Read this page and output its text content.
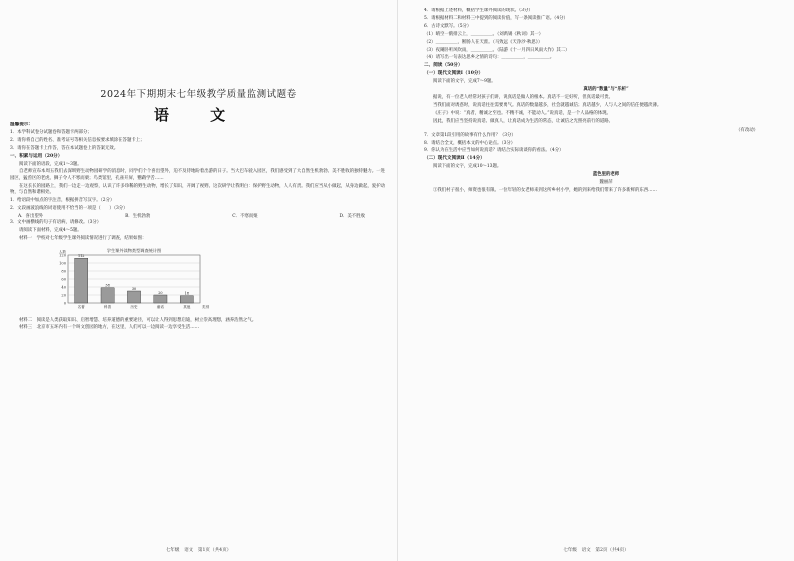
2024年下期期末七年级教学质量监测试题卷
语 文

温馨提示：

1．本学科试卷分试题卷和答题卡两部分；

2．请你将自己的姓名、准考证号等相关信息按要求填涂在答题卡上；

3．请你在答题卡上作答，答在本试题卷上的答案无效。

一、积累与运用（20分）

阅读下面的语段，完成1～3题。

自老师宣布本周五我们去深圳野生动物园研学的消息时，同学们个个喜出望外，迫不及待地盼着出游的日子。当大巴车驶入园区，我们感受到了大自然生机勃勃、美不胜收的独特魅力。一进园区，猛兽区的老虎、狮子令人不寒而栗；鸟类馆里，孔雀开屏，鹦鹉学舌……

在这长长的园路上，我们一边走一边观察，认识了许多珍稀的野生动物，增长了知识，开阔了视野。这次研学让我明白：保护野生动物，人人有责。我们应当从小做起，从身边做起，爱护动物，与自然和谐相处。

1．给语段中加点的字注音，根据拼音写汉字。（2分）

2．文段画波浪线的词语使用不恰当的一项是（　　）（3分）

A．喜出望外	B．生机勃勃	C．不寒而栗	D．美不胜收

3．文中画横线的句子有语病，请修改。（3分）

请阅读下面材料，完成4～5题。

材料一　学校对七年级学生课外阅读情况进行了调查，结果如图：

学生课外读物类型调查统计图
0
20
40
60
80
100
120
人数
112
名著
38
科普
30
历史
20
童话
18
其他	类别

材料二　阅读是人类获取知识、启智增慧、培养道德的重要途径，可以让人得到思想启迪，树立崇高理想，涵养浩然之气。

材料三　北京市五环内有一个叫文创园的地方，在这里，人们可以一边阅读一边享受生活……

七年级　语文　第1页（共4页）

4．请根据上述材料，概括学生课外阅读的现状。（3分）

5．请根据材料二和材料三中提到的阅读价值，写一条阅读推广语。（4分）

6．古诗文默写。（5分）

（1）晴空一鹤排云上，＿＿＿＿＿。（刘禹锡《秋词》其一）

（2）＿＿＿＿＿，断肠人在天涯。（马致远《天净沙·秋思》）

（3）夜阑卧听风吹雨，＿＿＿＿＿。（陆游《十一月四日风雨大作》其二）

（4）请写出一句表达思乡之情的诗句：＿＿＿＿＿，＿＿＿＿＿。

二、阅读（50分）

（一）现代文阅读Ⅰ（10分）

阅读下面的文字，完成7～9题。

真话的“数量”与“乐析”

据说，有一位老人经常对孩子们讲，说真话是做人的根本。真话不一定好听，但真话最可贵。

当我们面对诱惑时，说真话往往需要勇气。真话的数量越多，社会就越诚信；真话越少，人与人之间的信任便越淡薄。

《庄子》中说：“真者，精诚之至也。不精不诚，不能动人。”说真话，是一个人品格的体现。

因此，我们应当坚持说真话、做真人，让真话成为生活的常态，让诚信之光照亮前行的道路。

（有改动）

7．文章第1段引用的故事有什么作用？（3分）

8．请结合全文，概括本文的中心论点。（3分）

9．你认为在生活中应当如何说真话？请结合实际谈谈你的看法。（4分）

（二）现代文阅读Ⅱ（14分）

阅读下面的文字，完成10～13题。

蓝色里的老师

魏丽萍

①我们村子很小，师资也很有限。一位年轻的女老师来到这所乡村小学，她的到来给我们带来了许多新鲜的东西……

七年级　语文　第2页（共4页）
